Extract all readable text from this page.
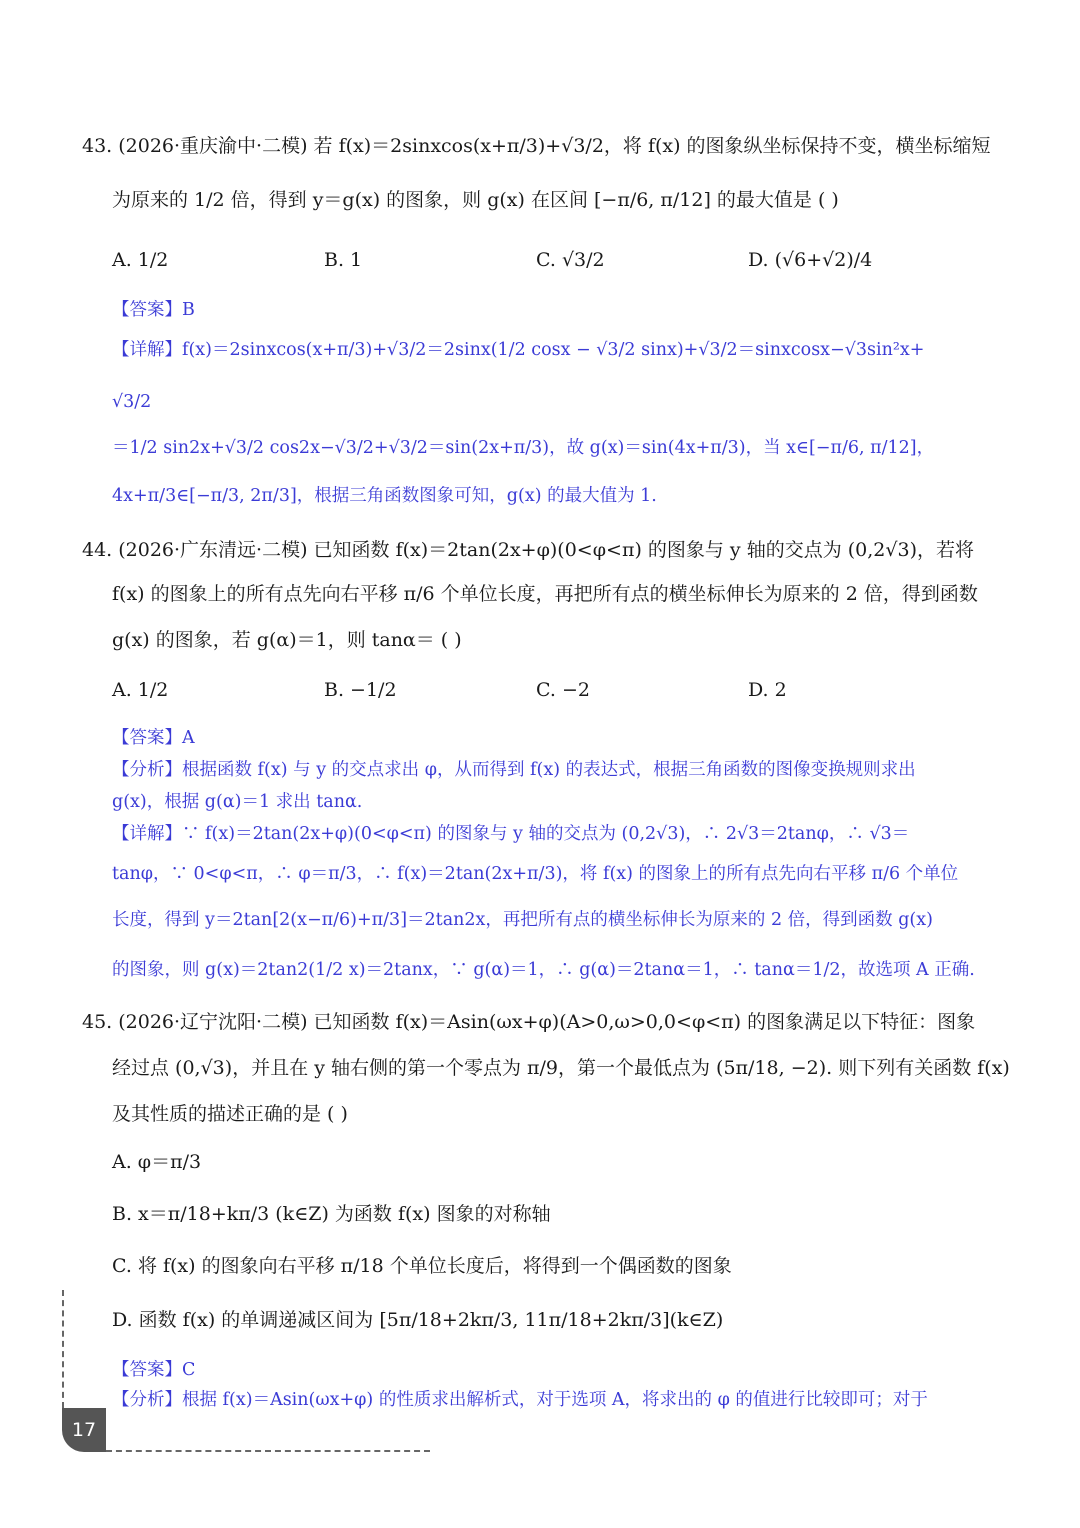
43. (2026·重庆渝中·二模) 若 f(x)＝2sinxcos(x+π/3)+√3/2，将 f(x) 的图象纵坐标保持不变，横坐标缩短
为原来的 1/2 倍，得到 y＝g(x) 的图象，则 g(x) 在区间 [−π/6, π/12] 的最大值是 ( )
A. 1/2	B. 1	C. √3/2	D. (√6+√2)/4
【答案】B
【详解】f(x)＝2sinxcos(x+π/3)+√3/2＝2sinx(1/2 cosx − √3/2 sinx)+√3/2＝sinxcosx−√3sin²x+
√3/2
＝1/2 sin2x+√3/2 cos2x−√3/2+√3/2＝sin(2x+π/3)，故 g(x)＝sin(4x+π/3)，当 x∈[−π/6, π/12]，
4x+π/3∈[−π/3, 2π/3]，根据三角函数图象可知，g(x) 的最大值为 1.
44. (2026·广东清远·二模) 已知函数 f(x)＝2tan(2x+φ)(0<φ<π) 的图象与 y 轴的交点为 (0,2√3)，若将
f(x) 的图象上的所有点先向右平移 π/6 个单位长度，再把所有点的横坐标伸长为原来的 2 倍，得到函数
g(x) 的图象，若 g(α)＝1，则 tanα＝ ( )
A. 1/2	B. −1/2	C. −2	D. 2
【答案】A
【分析】根据函数 f(x) 与 y 的交点求出 φ，从而得到 f(x) 的表达式，根据三角函数的图像变换规则求出
g(x)，根据 g(α)＝1 求出 tanα.
【详解】∵ f(x)＝2tan(2x+φ)(0<φ<π) 的图象与 y 轴的交点为 (0,2√3)，∴ 2√3＝2tanφ，∴ √3＝
tanφ，∵ 0<φ<π，∴ φ＝π/3，∴ f(x)＝2tan(2x+π/3)，将 f(x) 的图象上的所有点先向右平移 π/6 个单位
长度，得到 y＝2tan[2(x−π/6)+π/3]＝2tan2x，再把所有点的横坐标伸长为原来的 2 倍，得到函数 g(x)
的图象，则 g(x)＝2tan2(1/2 x)＝2tanx，∵ g(α)＝1，∴ g(α)＝2tanα＝1，∴ tanα＝1/2，故选项 A 正确.
45. (2026·辽宁沈阳·二模) 已知函数 f(x)＝Asin(ωx+φ)(A>0,ω>0,0<φ<π) 的图象满足以下特征：图象
经过点 (0,√3)，并且在 y 轴右侧的第一个零点为 π/9，第一个最低点为 (5π/18, −2). 则下列有关函数 f(x)
及其性质的描述正确的是 ( )
A. φ＝π/3
B. x＝π/18+kπ/3 (k∈Z) 为函数 f(x) 图象的对称轴
C. 将 f(x) 的图象向右平移 π/18 个单位长度后，将得到一个偶函数的图象
D. 函数 f(x) 的单调递减区间为 [5π/18+2kπ/3, 11π/18+2kπ/3](k∈Z)
【答案】C
【分析】根据 f(x)＝Asin(ωx+φ) 的性质求出解析式，对于选项 A，将求出的 φ 的值进行比较即可；对于
17
